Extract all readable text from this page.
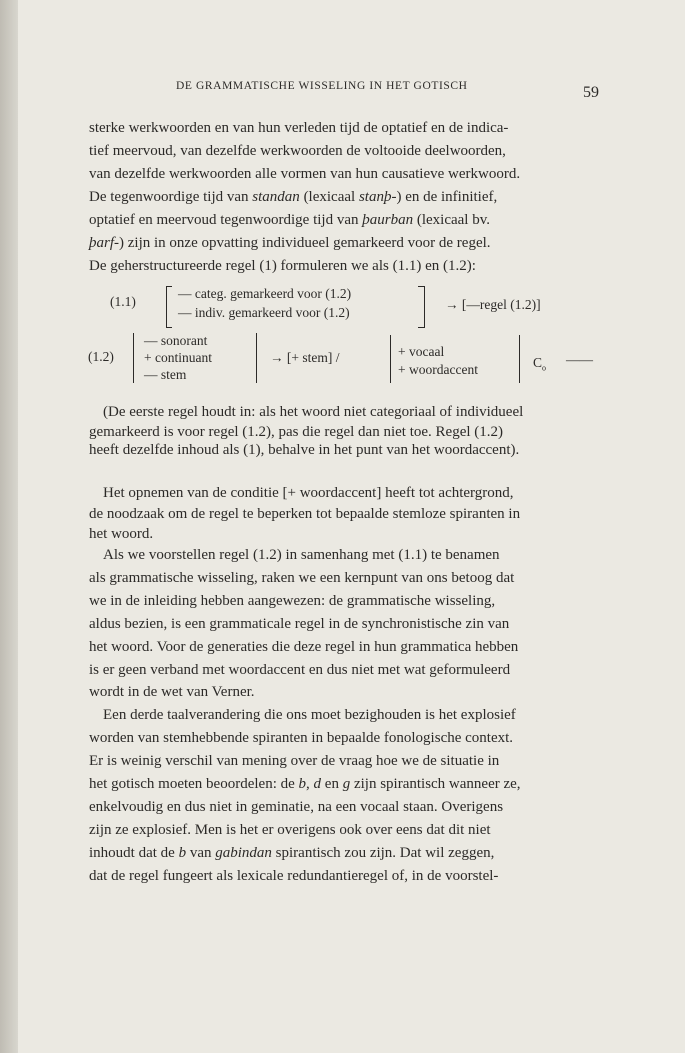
DE GRAMMATISCHE WISSELING IN HET GOTISCH	59
sterke werkwoorden en van hun verleden tijd de optatief en de indica-
tief meervoud, van dezelfde werkwoorden de voltooide deelwoorden,
van dezelfde werkwoorden alle vormen van hun causatieve werkwoord.
De tegenwoordige tijd van standan (lexicaal stanþ-) en de infinitief,
optatief en meervoud tegenwoordige tijd van þaurban (lexicaal bv.
þarf-) zijn in onze opvatting individueel gemarkeerd voor de regel.
De geherstructureerde regel (1) formuleren we als (1.1) en (1.2):
(1.1)
— categ. gemarkeerd voor (1.2)
— indiv. gemarkeerd voor (1.2)
→ [—regel (1.2)]
(1.2)
— sonorant
+ continuant
— stem
→ [+ stem] /	+ vocaal
+ woordaccent	$C_o$
——
(De eerste regel houdt in: als het woord niet categoriaal of individueel
gemarkeerd is voor regel (1.2), pas die regel dan niet toe. Regel (1.2)
heeft dezelfde inhoud als (1), behalve in het punt van het woordaccent).
Het opnemen van de conditie [+ woordaccent] heeft tot achtergrond,
de noodzaak om de regel te beperken tot bepaalde stemloze spiranten in
het woord.
Als we voorstellen regel (1.2) in samenhang met (1.1) te benamen
als grammatische wisseling, raken we een kernpunt van ons betoog dat
we in de inleiding hebben aangewezen: de grammatische wisseling,
aldus bezien, is een grammaticale regel in de synchronistische zin van
het woord. Voor de generaties die deze regel in hun grammatica hebben
is er geen verband met woordaccent en dus niet met wat geformuleerd
wordt in de wet van Verner.
Een derde taalverandering die ons moet bezighouden is het explosief
worden van stemhebbende spiranten in bepaalde fonologische context.
Er is weinig verschil van mening over de vraag hoe we de situatie in
het gotisch moeten beoordelen: de b, d en g zijn spirantisch wanneer ze,
enkelvoudig en dus niet in geminatie, na een vocaal staan. Overigens
zijn ze explosief. Men is het er overigens ook over eens dat dit niet
inhoudt dat de b van gabindan spirantisch zou zijn. Dat wil zeggen,
dat de regel fungeert als lexicale redundantieregel of, in de voorstel-
